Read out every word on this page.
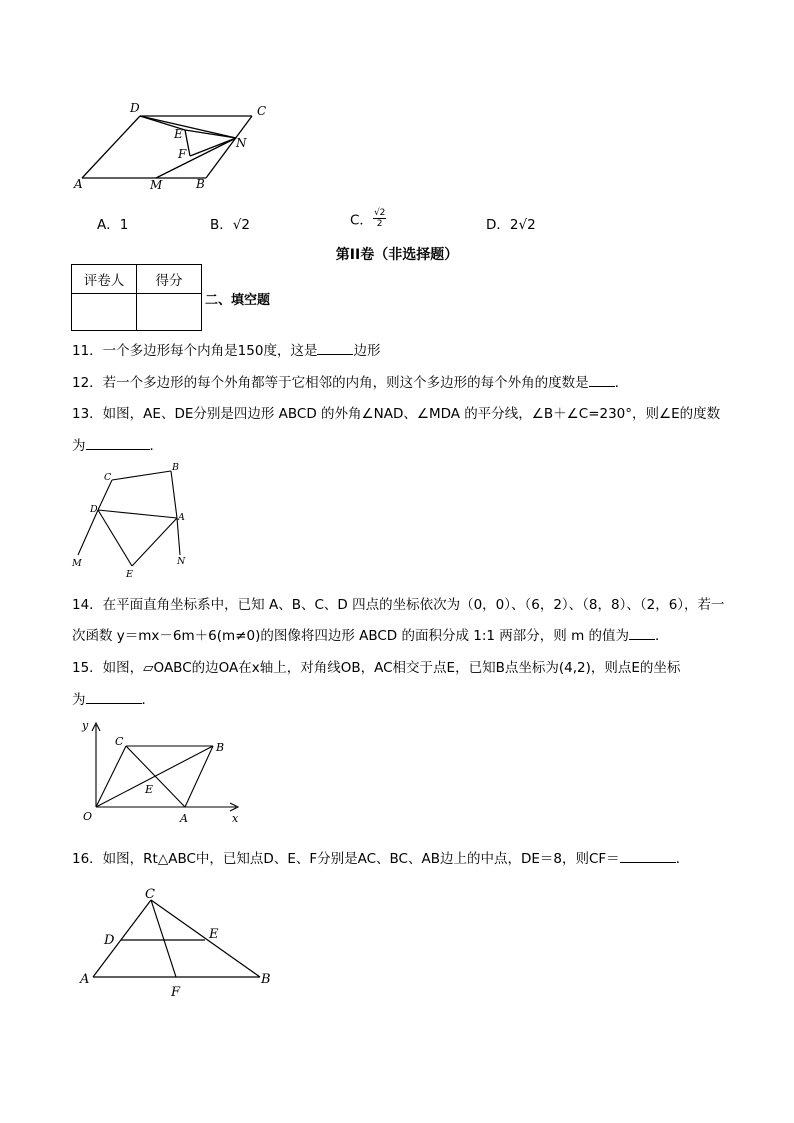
D	C
E
F
N
A	M	B
A．1	B．√2	C． $\frac{√2}{2}$	D．2√2
第II卷（非选择题）
评卷人	得分

二、填空题
11．一个多边形每个内角是150度，这是	边形
12．若一个多边形的每个外角都等于它相邻的内角，则这个多边形的每个外角的度数是 ．
13．如图，AE、DE分别是四边形 ABCD 的外角∠NAD、∠MDA 的平分线，∠B＋∠C=230°，则∠E的度数
为	．
C
B
D
A
M
E
N
14．在平面直角坐标系中，已知 A、B、C、D 四点的坐标依次为（0，0）、（6，2）、（8，8）、（2，6），若一
次函数 y＝mx－6m＋6(m≠0)的图像将四边形 ABCD 的面积分成 1:1 两部分，则 m 的值为 ．
15．如图，▱OABC的边OA在x轴上，对角线OB，AC相交于点E，已知B点坐标为(4,2)，则点E的坐标
为	．
y
x
O
C	B
E
A
16．如图，Rt△ABC中，已知点D、E、F分别是AC、BC、AB边上的中点，DE＝8，则CF＝	．
C
D	E
A
F
B
